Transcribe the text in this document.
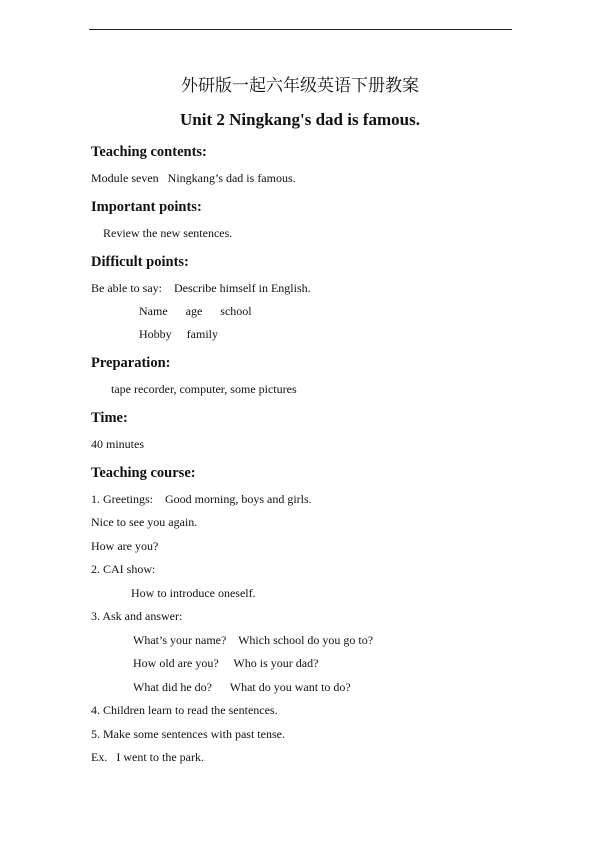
外研版一起六年级英语下册教案
Unit 2 Ningkang's dad is famous.
Teaching contents:
Module seven   Ningkang’s dad is famous.
Important points:
Review the new sentences.
Difficult points:
Be able to say:    Describe himself in English.
Name      age      school
Hobby     family
Preparation:
tape recorder, computer, some pictures
Time:
40 minutes
Teaching course:
1. Greetings:    Good morning, boys and girls.
Nice to see you again.
How are you?
2. CAI show:
How to introduce oneself.
3. Ask and answer:
What’s your name?    Which school do you go to?
How old are you?     Who is your dad?
What did he do?      What do you want to do?
4. Children learn to read the sentences.
5. Make some sentences with past tense.
Ex.   I went to the park.
